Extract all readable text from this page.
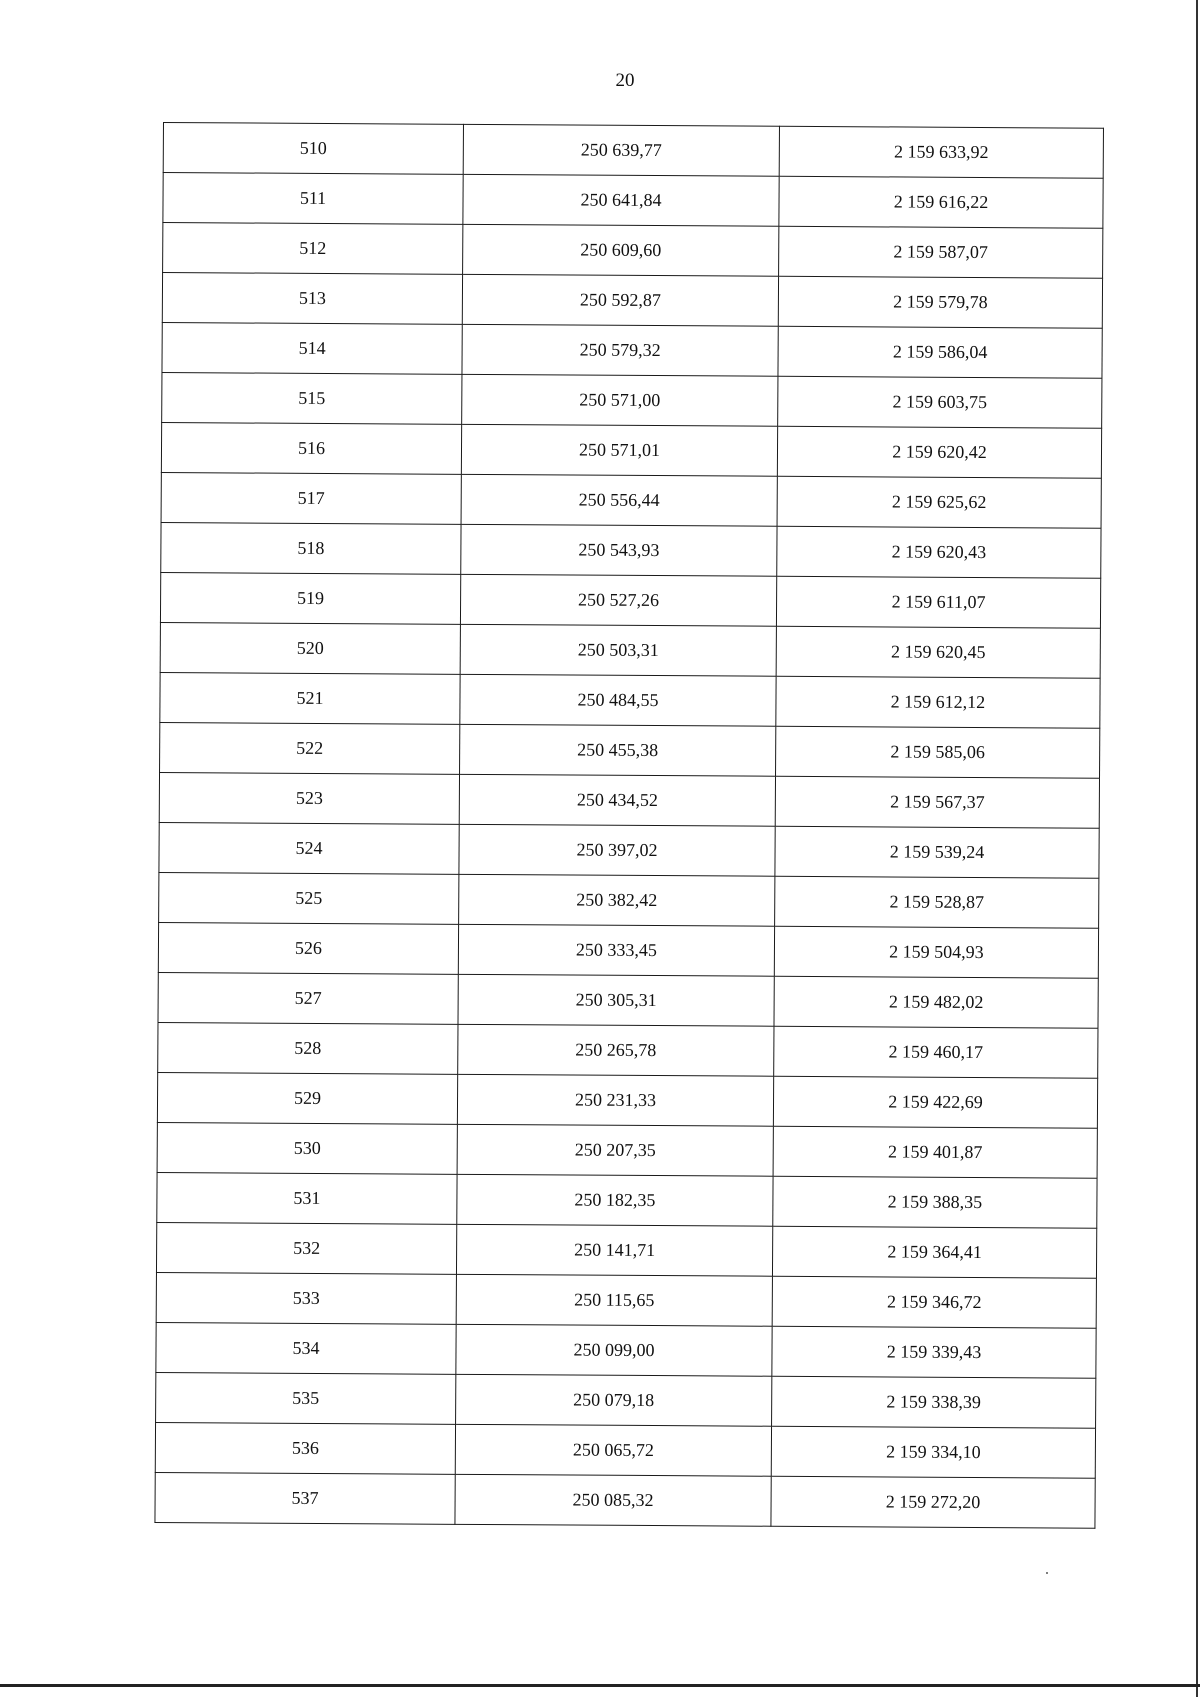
20
510	250 639,77	2 159 633,92
511	250 641,84	2 159 616,22
512	250 609,60	2 159 587,07
513	250 592,87	2 159 579,78
514	250 579,32	2 159 586,04
515	250 571,00	2 159 603,75
516	250 571,01	2 159 620,42
517	250 556,44	2 159 625,62
518	250 543,93	2 159 620,43
519	250 527,26	2 159 611,07
520	250 503,31	2 159 620,45
521	250 484,55	2 159 612,12
522	250 455,38	2 159 585,06
523	250 434,52	2 159 567,37
524	250 397,02	2 159 539,24
525	250 382,42	2 159 528,87
526	250 333,45	2 159 504,93
527	250 305,31	2 159 482,02
528	250 265,78	2 159 460,17
529	250 231,33	2 159 422,69
530	250 207,35	2 159 401,87
531	250 182,35	2 159 388,35
532	250 141,71	2 159 364,41
533	250 115,65	2 159 346,72
534	250 099,00	2 159 339,43
535	250 079,18	2 159 338,39
536	250 065,72	2 159 334,10
537	250 085,32	2 159 272,20
